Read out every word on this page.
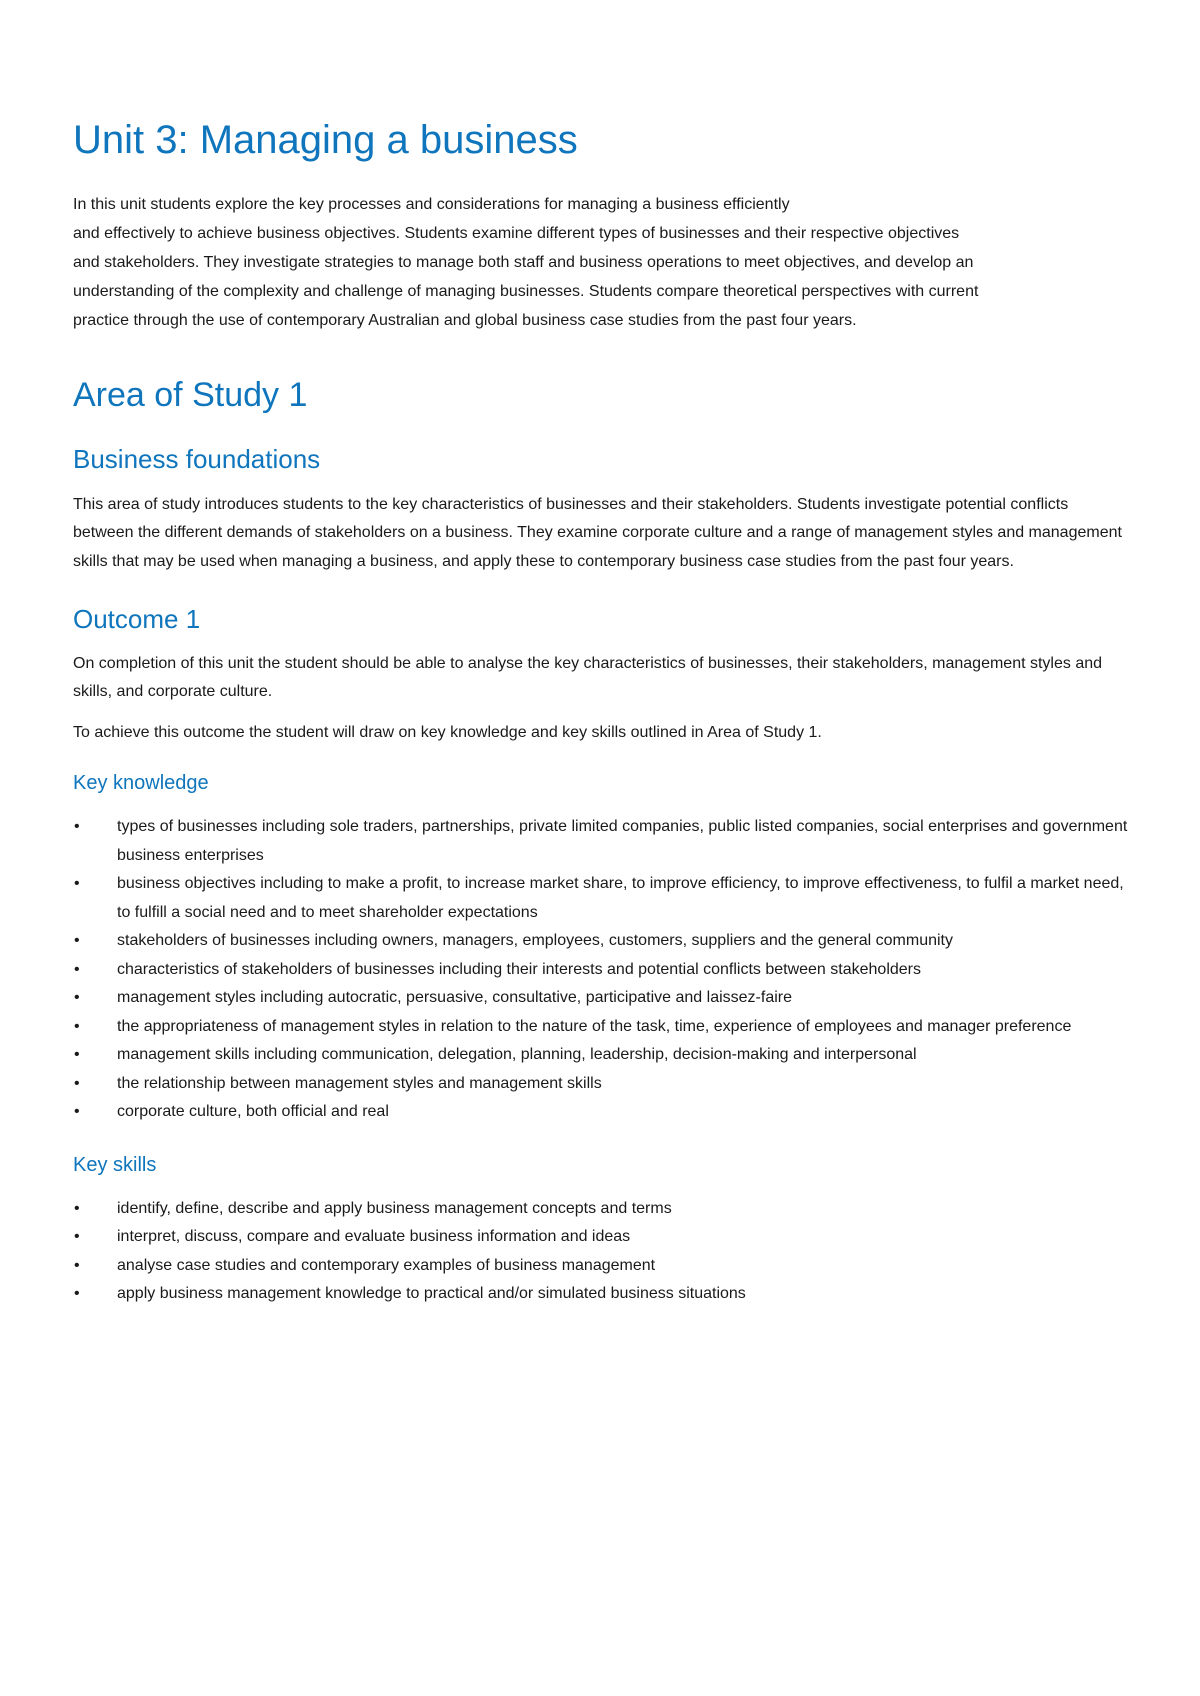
Unit 3: Managing a business

In this unit students explore the key processes and considerations for managing a business efficiently
and effectively to achieve business objectives. Students examine different types of businesses and their respective objectives
and stakeholders. They investigate strategies to manage both staff and business operations to meet objectives, and develop an
understanding of the complexity and challenge of managing businesses. Students compare theoretical perspectives with current
practice through the use of contemporary Australian and global business case studies from the past four years.

Area of Study 1
Business foundations

This area of study introduces students to the key characteristics of businesses and their stakeholders. Students investigate potential conflicts between the different demands of stakeholders on a business. They examine corporate culture and a range of management styles and management skills that may be used when managing a business, and apply these to contemporary business case studies from the past four years.

Outcome 1

On completion of this unit the student should be able to analyse the key characteristics of businesses, their stakeholders, management styles and skills, and corporate culture.

To achieve this outcome the student will draw on key knowledge and key skills outlined in Area of Study 1.

Key knowledge
• types of businesses including sole traders, partnerships, private limited companies, public listed companies, social enterprises and government business enterprises
• business objectives including to make a profit, to increase market share, to improve efficiency, to improve effectiveness, to fulfil a market need, to fulfill a social need and to meet shareholder expectations
• stakeholders of businesses including owners, managers, employees, customers, suppliers and the general community
• characteristics of stakeholders of businesses including their interests and potential conflicts between stakeholders
• management styles including autocratic, persuasive, consultative, participative and laissez-faire
• the appropriateness of management styles in relation to the nature of the task, time, experience of employees and manager preference
• management skills including communication, delegation, planning, leadership, decision-making and interpersonal
• the relationship between management styles and management skills
• corporate culture, both official and real
Key skills
• identify, define, describe and apply business management concepts and terms
• interpret, discuss, compare and evaluate business information and ideas
• analyse case studies and contemporary examples of business management
• apply business management knowledge to practical and/or simulated business situations
